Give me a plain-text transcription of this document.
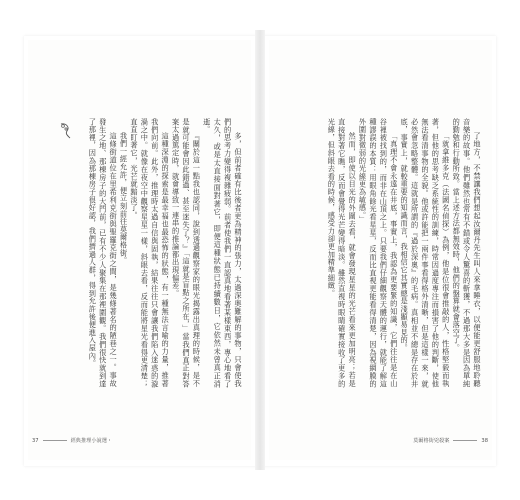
多，但前者確有比後者更為精神的張力，太過深奧難解的事物，只會使我們的思考力變得複雜疲弱。前者使我們一直認真地看著某樣東西，專心地看了太久，或是太直接面對著它，即便這種狀態已持續數日，它依然未曾真正消逝。

『關於這一點我也認同，說到透過觀察家的眼光揭露出真理的時候，是不是就可能會因此錯過、甚至迷失了？』「這就是盲點之所在，」當我們真正對答案太過篤定時，就會導致一連串的推論都出現偏差。

這種深淵的探索是最幸福也最恐怖的狀態，有一種無法言喻的力量，推著我們向前。此外，推理時太過自信與固執，結果往往只會讓我們陷入迷惑的漩渦之中。就像在夜空中觀察星星一樣，斜眼去看，反而能將星光看得更清楚；直直盯著它，光芒就黯淡了。

我們一經允許，便立刻前往莫爾格街。

這條街道位在里希利克街與聖羅克街之間，是幾條著名的陋巷之一。事故發生之地、那棟房子的大門前，已有不少人聚集在那裡圍觀。我們很快就到達了那裡，因為那棟房子很好認，我們擠過人群，得到允許後便進入屋內。

37	經典推理小說選・

了地方，不禁讓我們想起汝爾丹先生叫人來拿睡衣，以便能更舒服地聆聽音樂的故事。他們雖然也常有不錯或令人驚喜的斬獲，不過那大多是因為單純的勤勉和行動所致。當上述方法都無效時，他們的盤算就會落空了。

「就拿維多克（法國名偵探）為例，他是位很會推敲的人，性格堅毅而執著，但他的思考缺乏系統性的訓練，時常因過度專注而損害了他的判斷，使他無法看清事物的全貌。他或許能把一兩件事看得格外清晰，但是這樣一來，就必然會忽略整體。這就是所謂的『過於深奧』的毛病。真相並不總是存在於井底，事實上，就較重要的知識而言，我相信它其實總是淺顯易見的。

「真理不會永遠在井底，事實上，我認為更要緊的知識，它們往往是在山谷裡被找到的，而非在山頂之上。只要我們仔細觀察天體的運行，就能了解這種謬誤的本質：用眼角餘光看星星，反而比直視更能看得清楚，因為視網膜的外圍對微弱的光線更為敏感。」

然而，即使以目光的外圍去看，就會發現星星的光芒看來更加明亮；若是直接對著它瞧，反而會覺得光芒變得暗淡。雖然直視時眼睛確實接收了更多的光線，但斜眼去看的時候，感受力卻更加精準細緻。

莫爾格街兇殺案	38
